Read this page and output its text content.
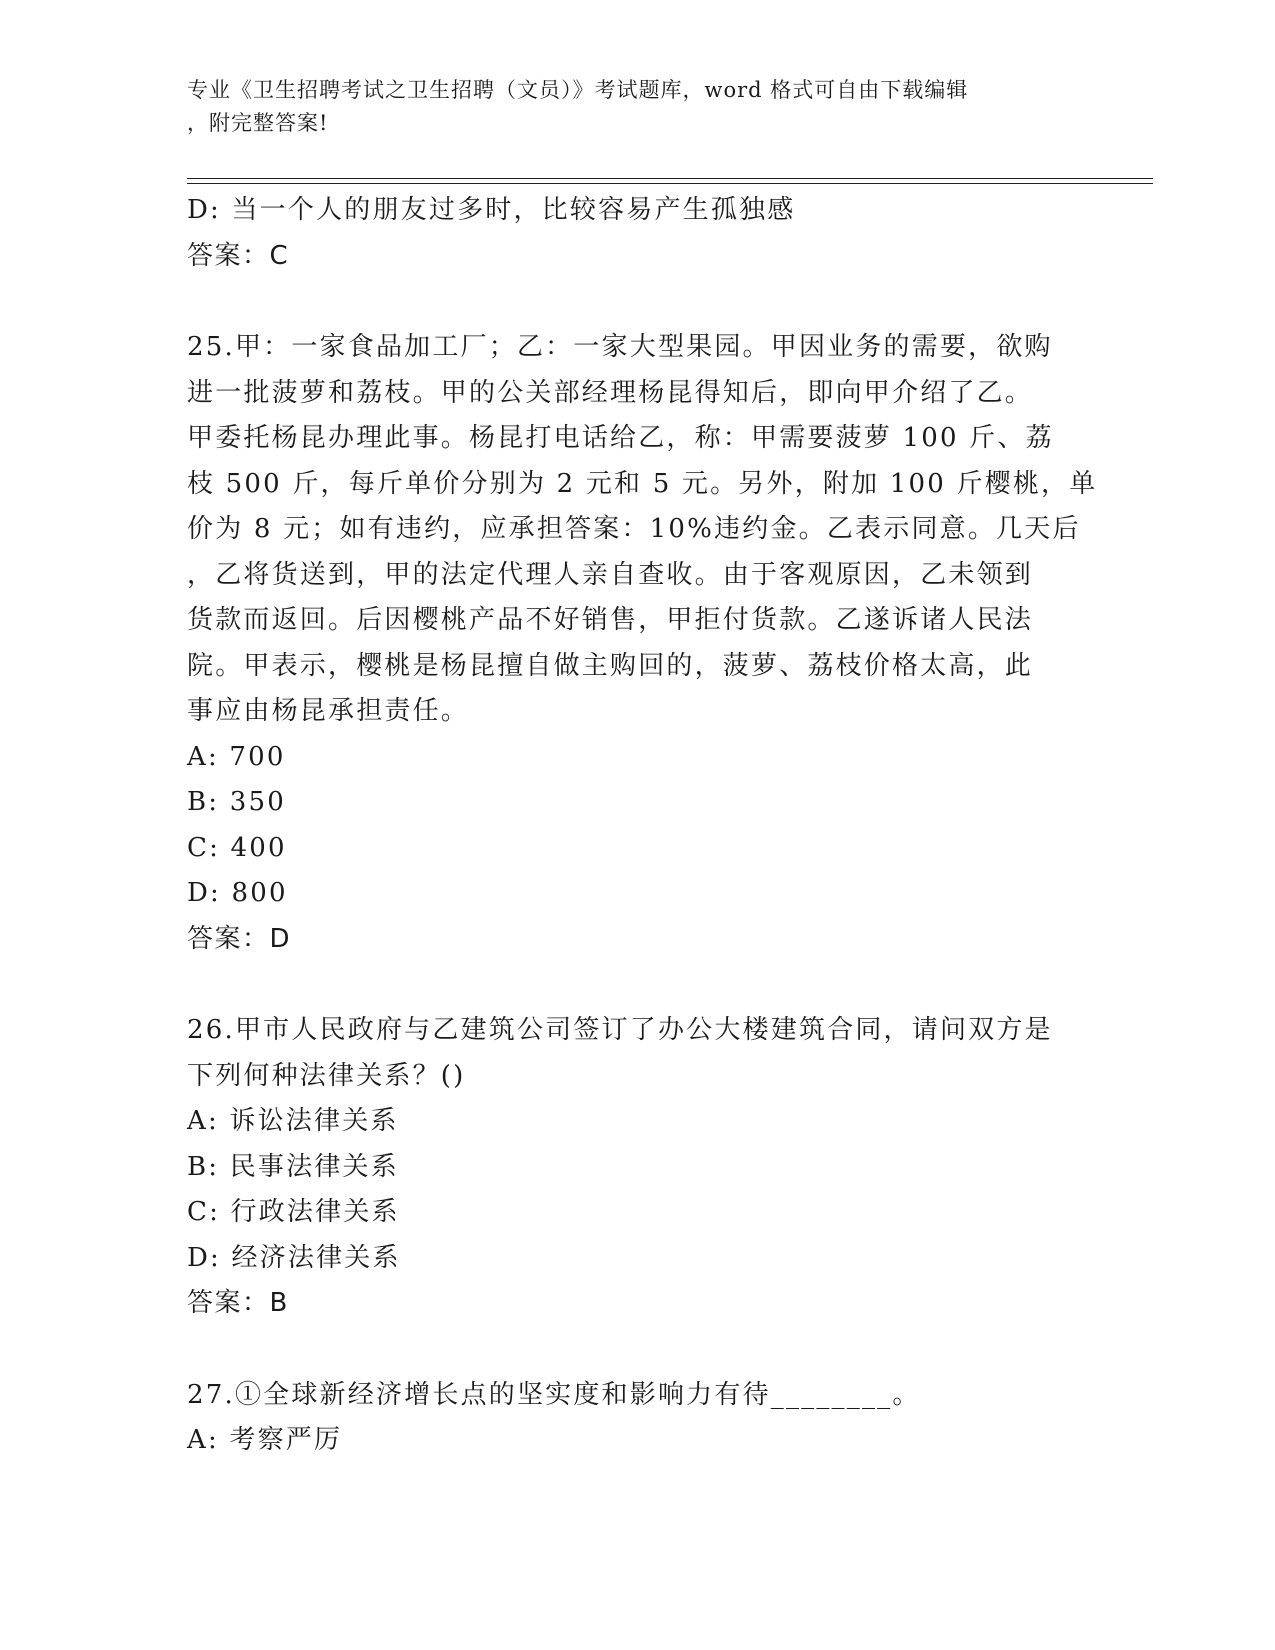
专业《卫生招聘考试之卫生招聘（文员）》考试题库，word 格式可自由下载编辑
，附完整答案!
D: 当一个人的朋友过多时，比较容易产生孤独感
答案：C
25.甲：一家食品加工厂；乙：一家大型果园。甲因业务的需要，欲购
进一批菠萝和荔枝。甲的公关部经理杨昆得知后，即向甲介绍了乙。
甲委托杨昆办理此事。杨昆打电话给乙，称：甲需要菠萝 100 斤、荔
枝 500 斤，每斤单价分别为 2 元和 5 元。另外，附加 100 斤樱桃，单
价为 8 元；如有违约，应承担答案：10%违约金。乙表示同意。几天后
，乙将货送到，甲的法定代理人亲自查收。由于客观原因，乙未领到
货款而返回。后因樱桃产品不好销售，甲拒付货款。乙遂诉诸人民法
院。甲表示，樱桃是杨昆擅自做主购回的，菠萝、荔枝价格太高，此
事应由杨昆承担责任。
A: 700
B: 350
C: 400
D: 800
答案：D
26.甲市人民政府与乙建筑公司签订了办公大楼建筑合同，请问双方是
下列何种法律关系？()
A: 诉讼法律关系
B: 民事法律关系
C: 行政法律关系
D: 经济法律关系
答案：B
27.①全球新经济增长点的坚实度和影响力有待________。
A: 考察严厉
